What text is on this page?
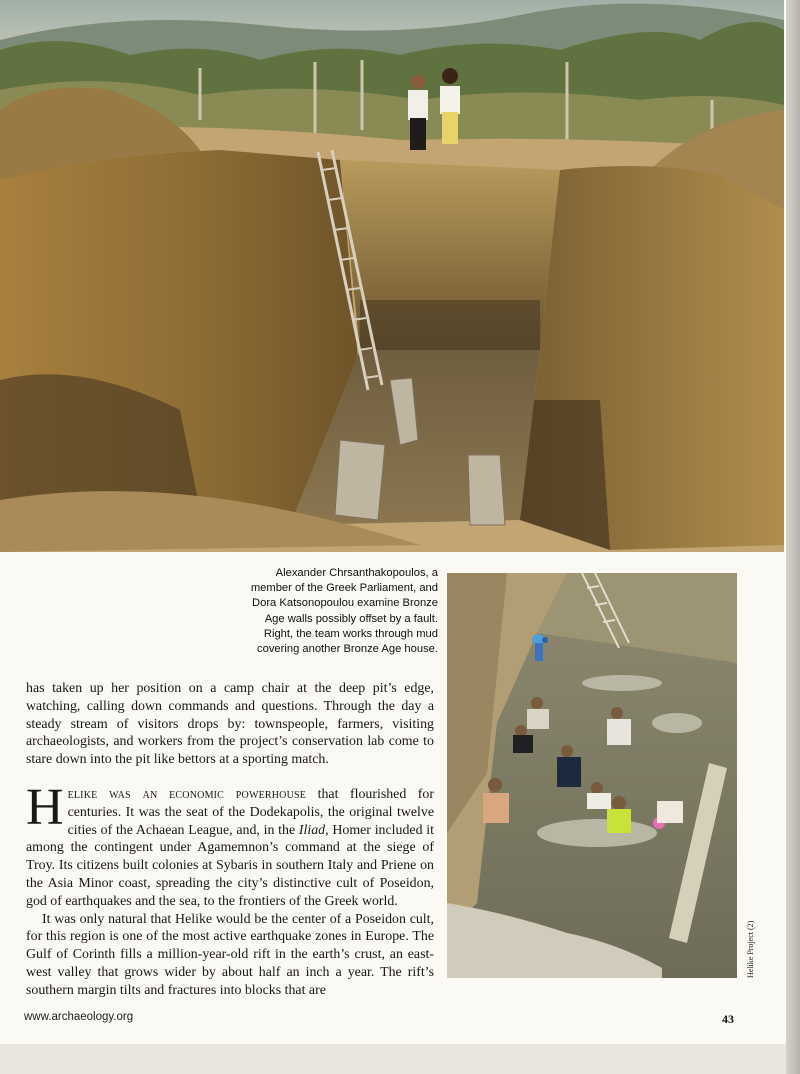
Alexander Chrsanthakopoulos, a
member of the Greek Parliament, and
Dora Katsonopoulou examine Bronze
Age walls possibly offset by a fault.
Right, the team works through mud
covering another Bronze Age house.
Helike Project (2)

has taken up her position on a camp chair at the deep pit’s edge, watching, calling down commands and questions. Through the day a steady stream of visitors drops by: townspeople, farmers, visiting archaeologists, and workers from the project’s conservation lab come to stare down into the pit like bettors at a sporting match.

Helike was an economic powerhouse that flourished for centuries. It was the seat of the Dodekapolis, the original twelve cities of the Achaean League, and, in the Iliad, Homer included it among the contingent under Agamemnon’s command at the siege of Troy. Its citizens built colonies at Sybaris in southern Italy and Priene on the Asia Minor coast, spreading the city’s distinctive cult of Poseidon, god of earthquakes and the sea, to the frontiers of the Greek world.

It was only natural that Helike would be the center of a Poseidon cult, for this region is one of the most active earthquake zones in Europe. The Gulf of Corinth fills a million-year-old rift in the earth’s crust, an east-west valley that grows wider by about half an inch a year. The rift’s southern margin tilts and fractures into blocks that are

www.archaeology.org	43
